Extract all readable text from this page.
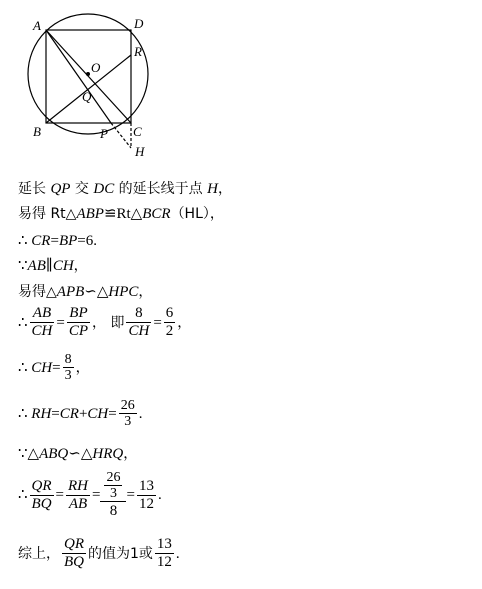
A	D
R
O
Q
B	P C
H
延长 QP 交 DC 的延长线于点 H，
易得 Rt△ABP≌Rt△BCR（HL），
∴ CR=BP=6.
∵AB∥CH，
易得△APB∽△HPC，
∴ $\frac{AB}{CH} = \frac{BP}{CP}$ ， 即 $\frac{8}{CH} = \frac{6}{2}$ ，
∴
CH = $\frac{8}{3}$ ，
∴
RH = CR + CH = $\frac{26}{3}$ .
∵△ABQ∽△HRQ，
∴ $\frac{QR}{BQ} = \frac{RH}{AB} = \frac{\frac{26}{3}}{8} = \frac{13}{12}$ .
综上， $\frac{QR}{BQ}$ 的值为1或 $\frac{13}{12}$ .
